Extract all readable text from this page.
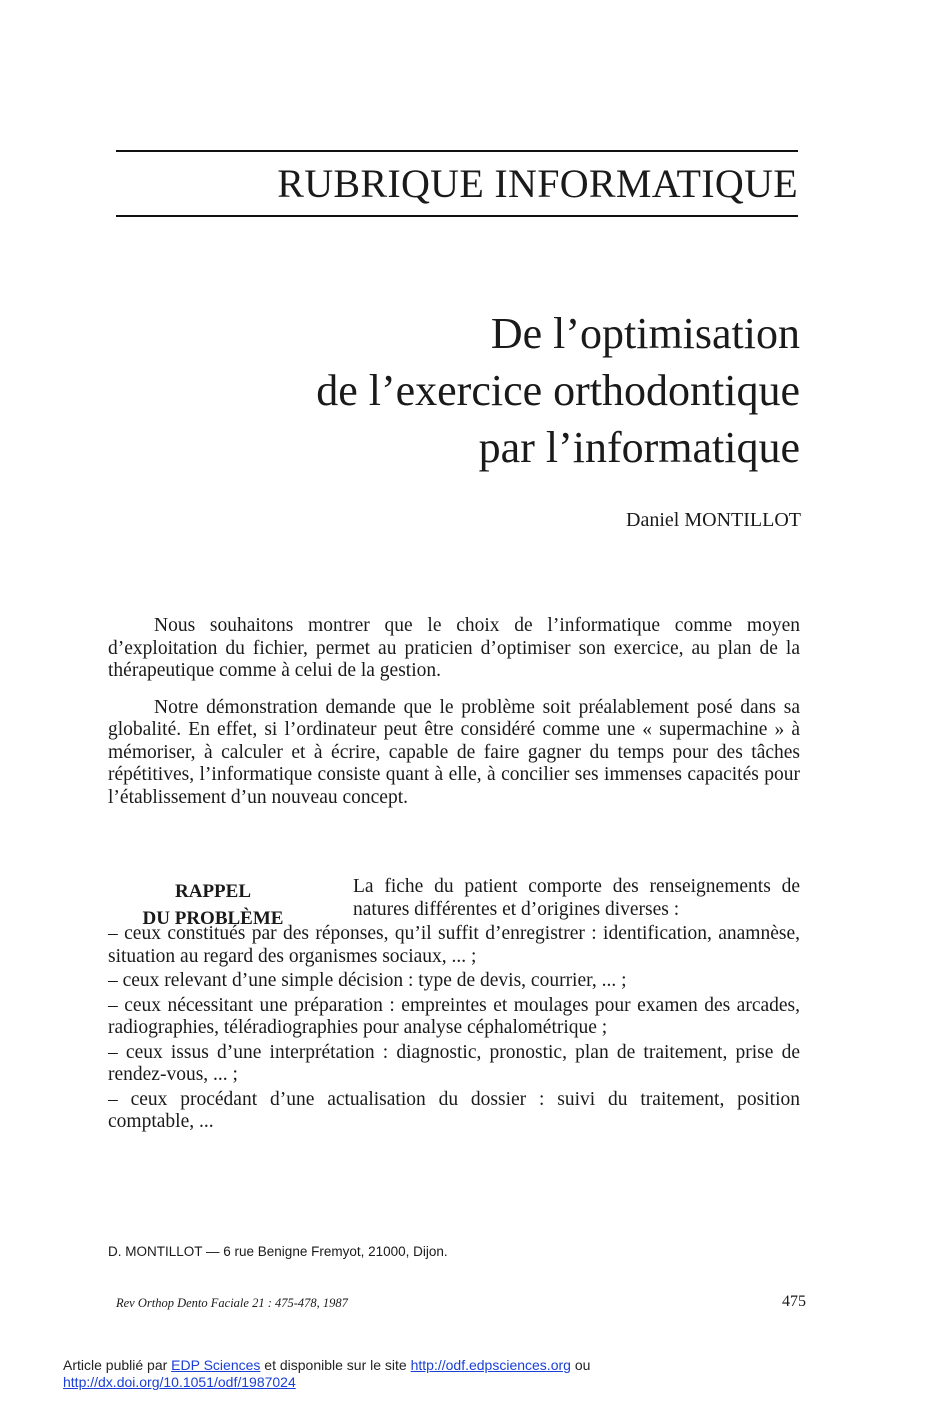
RUBRIQUE INFORMATIQUE
De l’optimisation
de l’exercice orthodontique
par l’informatique
Daniel MONTILLOT

Nous souhaitons montrer que le choix de l’informatique comme moyen d’exploitation du fichier, permet au praticien d’optimiser son exercice, au plan de la thérapeutique comme à celui de la gestion.

Notre démonstration demande que le problème soit préalablement posé dans sa globalité. En effet, si l’ordinateur peut être considéré comme une « supermachine » à mémoriser, à calculer et à écrire, capable de faire gagner du temps pour des tâches répétitives, l’informatique consiste quant à elle, à concilier ses immenses capacités pour l’établissement d’un nouveau concept.

RAPPEL
DU PROBLÈME

La fiche du patient comporte des renseignements de natures différentes et d’origines diverses :

– ceux constitués par des réponses, qu’il suffit d’enregistrer : identification, anamnèse, situation au regard des organismes sociaux, ... ;

– ceux relevant d’une simple décision : type de devis, courrier, ... ;

– ceux nécessitant une préparation : empreintes et moulages pour examen des arcades, radiographies, téléradiographies pour analyse céphalométrique ;

– ceux issus d’une interprétation : diagnostic, pronostic, plan de traitement, prise de rendez-vous, ... ;

– ceux procédant d’une actualisation du dossier : suivi du traitement, position comptable, ...

D. MONTILLOT — 6 rue Benigne Fremyot, 21000, Dijon.
Rev Orthop Dento Faciale 21 : 475-478, 1987	475
Article publié par EDP Sciences et disponible sur le site http://odf.edpsciences.org ou
http://dx.doi.org/10.1051/odf/1987024
